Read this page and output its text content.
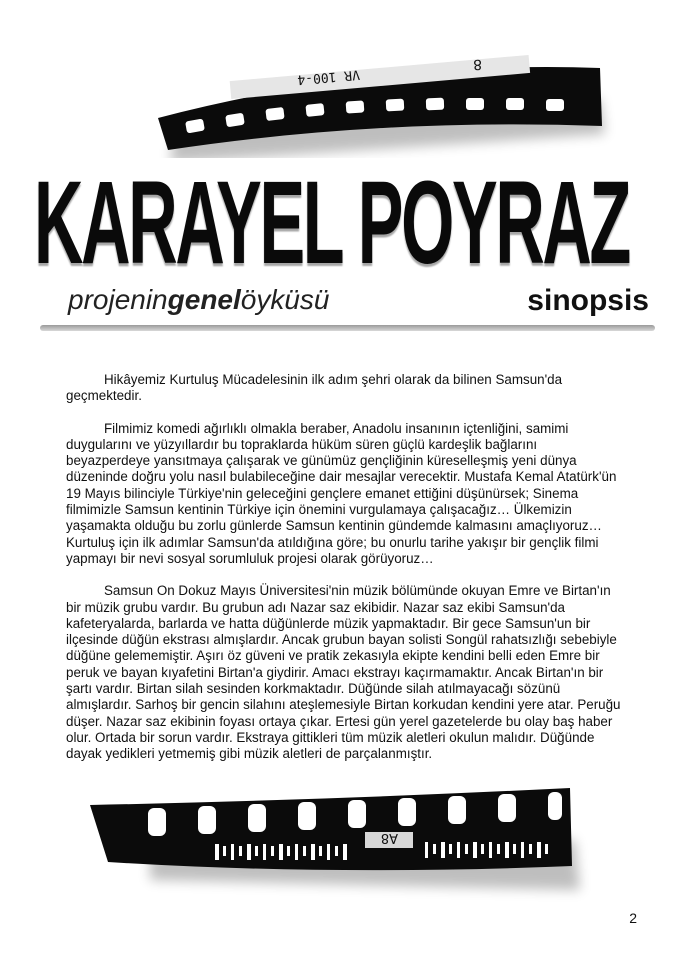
VR 100-4
8
KARAYEL POYRAZ
projeningenelöyküsü	sinopsis

Hikâyemiz Kurtuluş Mücadelesinin ilk adım şehri olarak da bilinen Samsun'da geçmektedir.

Filmimiz komedi ağırlıklı olmakla beraber, Anadolu insanının içtenliğini, samimi duygularını ve yüzyıllardır bu topraklarda hüküm süren güçlü kardeşlik bağlarını beyazperdeye yansıtmaya çalışarak ve günümüz gençliğinin küreselleşmiş yeni dünya düzeninde doğru yolu nasıl bulabileceğine dair mesajlar verecektir. Mustafa Kemal Atatürk'ün 19 Mayıs bilinciyle Türkiye'nin geleceğini gençlere emanet ettiğini düşünürsek; Sinema filmimizle Samsun kentinin Türkiye için önemini vurgulamaya çalışacağız… Ülkemizin yaşamakta olduğu bu zorlu günlerde Samsun kentinin gündemde kalmasını amaçlıyoruz… Kurtuluş için ilk adımlar Samsun'da atıldığına göre; bu onurlu tarihe yakışır bir gençlik filmi yapmayı bir nevi sosyal sorumluluk projesi olarak görüyoruz…

Samsun On Dokuz Mayıs Üniversitesi'nin müzik bölümünde okuyan Emre ve Birtan'ın bir müzik grubu vardır. Bu grubun adı Nazar saz ekibidir. Nazar saz ekibi Samsun'da kafeteryalarda, barlarda ve hatta düğünlerde müzik yapmaktadır. Bir gece Samsun'un bir ilçesinde düğün ekstrası almışlardır. Ancak grubun bayan solisti Songül rahatsızlığı sebebiyle düğüne gelememiştir. Aşırı öz güveni ve pratik zekasıyla ekipte kendini belli eden Emre bir peruk ve bayan kıyafetini Birtan'a giydirir. Amacı ekstrayı kaçırmamaktır. Ancak Birtan'ın bir şartı vardır. Birtan silah sesinden korkmaktadır. Düğünde silah atılmayacağı sözünü almışlardır. Sarhoş bir gencin silahını ateşlemesiyle Birtan korkudan kendini yere atar. Peruğu düşer. Nazar saz ekibinin foyası ortaya çıkar. Ertesi gün yerel gazetelerde bu olay baş haber olur. Ortada bir sorun vardır. Ekstraya gittikleri tüm müzik aletleri okulun malıdır. Düğünde dayak yedikleri yetmemiş gibi müzik aletleri de parçalanmıştır.

A8
2
